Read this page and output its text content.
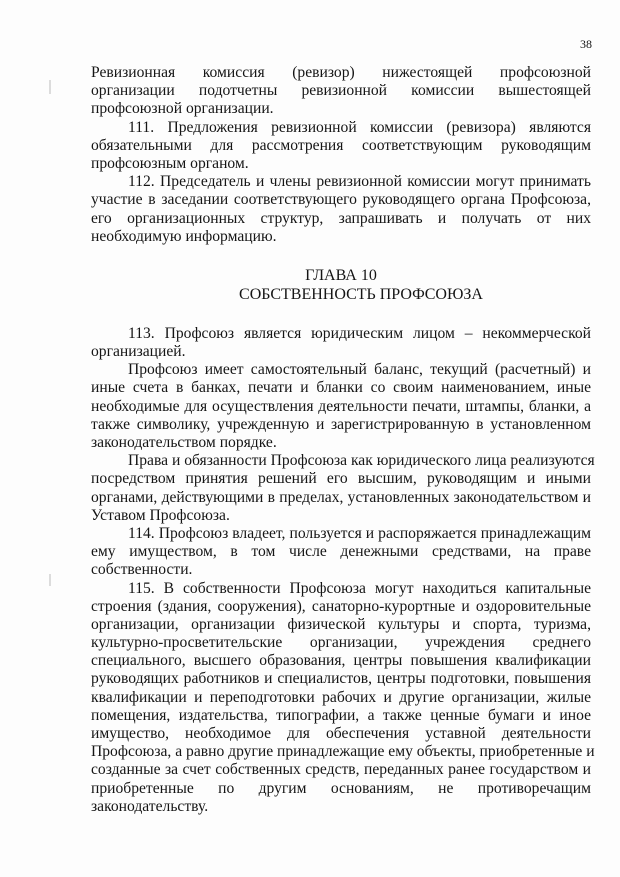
38
Ревизионная комиссия (ревизор) нижестоящей профсоюзной
организации подотчетны ревизионной комиссии вышестоящей
профсоюзной организации.
111. Предложения ревизионной комиссии (ревизора) являются
обязательными для рассмотрения соответствующим руководящим
профсоюзным органом.
112. Председатель и члены ревизионной комиссии могут принимать
участие в заседании соответствующего руководящего органа Профсоюза,
его организационных структур, запрашивать и получать от них
необходимую информацию.
ГЛАВА 10
СОБСТВЕННОСТЬ ПРОФСОЮЗА
113. Профсоюз является юридическим лицом – некоммерческой
организацией.
Профсоюз имеет самостоятельный баланс, текущий (расчетный) и
иные счета в банках, печати и бланки со своим наименованием, иные
необходимые для осуществления деятельности печати, штампы, бланки, а
также символику, учрежденную и зарегистрированную в установленном
законодательством порядке.
Права и обязанности Профсоюза как юридического лица реализуются
посредством принятия решений его высшим, руководящим и иными
органами, действующими в пределах, установленных законодательством и
Уставом Профсоюза.
114. Профсоюз владеет, пользуется и распоряжается принадлежащим
ему имуществом, в том числе денежными средствами, на праве
собственности.
115. В собственности Профсоюза могут находиться капитальные
строения (здания, сооружения), санаторно-курортные и оздоровительные
организации, организации физической культуры и спорта, туризма,
культурно-просветительские организации, учреждения среднего
специального, высшего образования, центры повышения квалификации
руководящих работников и специалистов, центры подготовки, повышения
квалификации и переподготовки рабочих и другие организации, жилые
помещения, издательства, типографии, а также ценные бумаги и иное
имущество, необходимое для обеспечения уставной деятельности
Профсоюза, а равно другие принадлежащие ему объекты, приобретенные и
созданные за счет собственных средств, переданных ранее государством и
приобретенные по другим основаниям, не противоречащим
законодательству.
